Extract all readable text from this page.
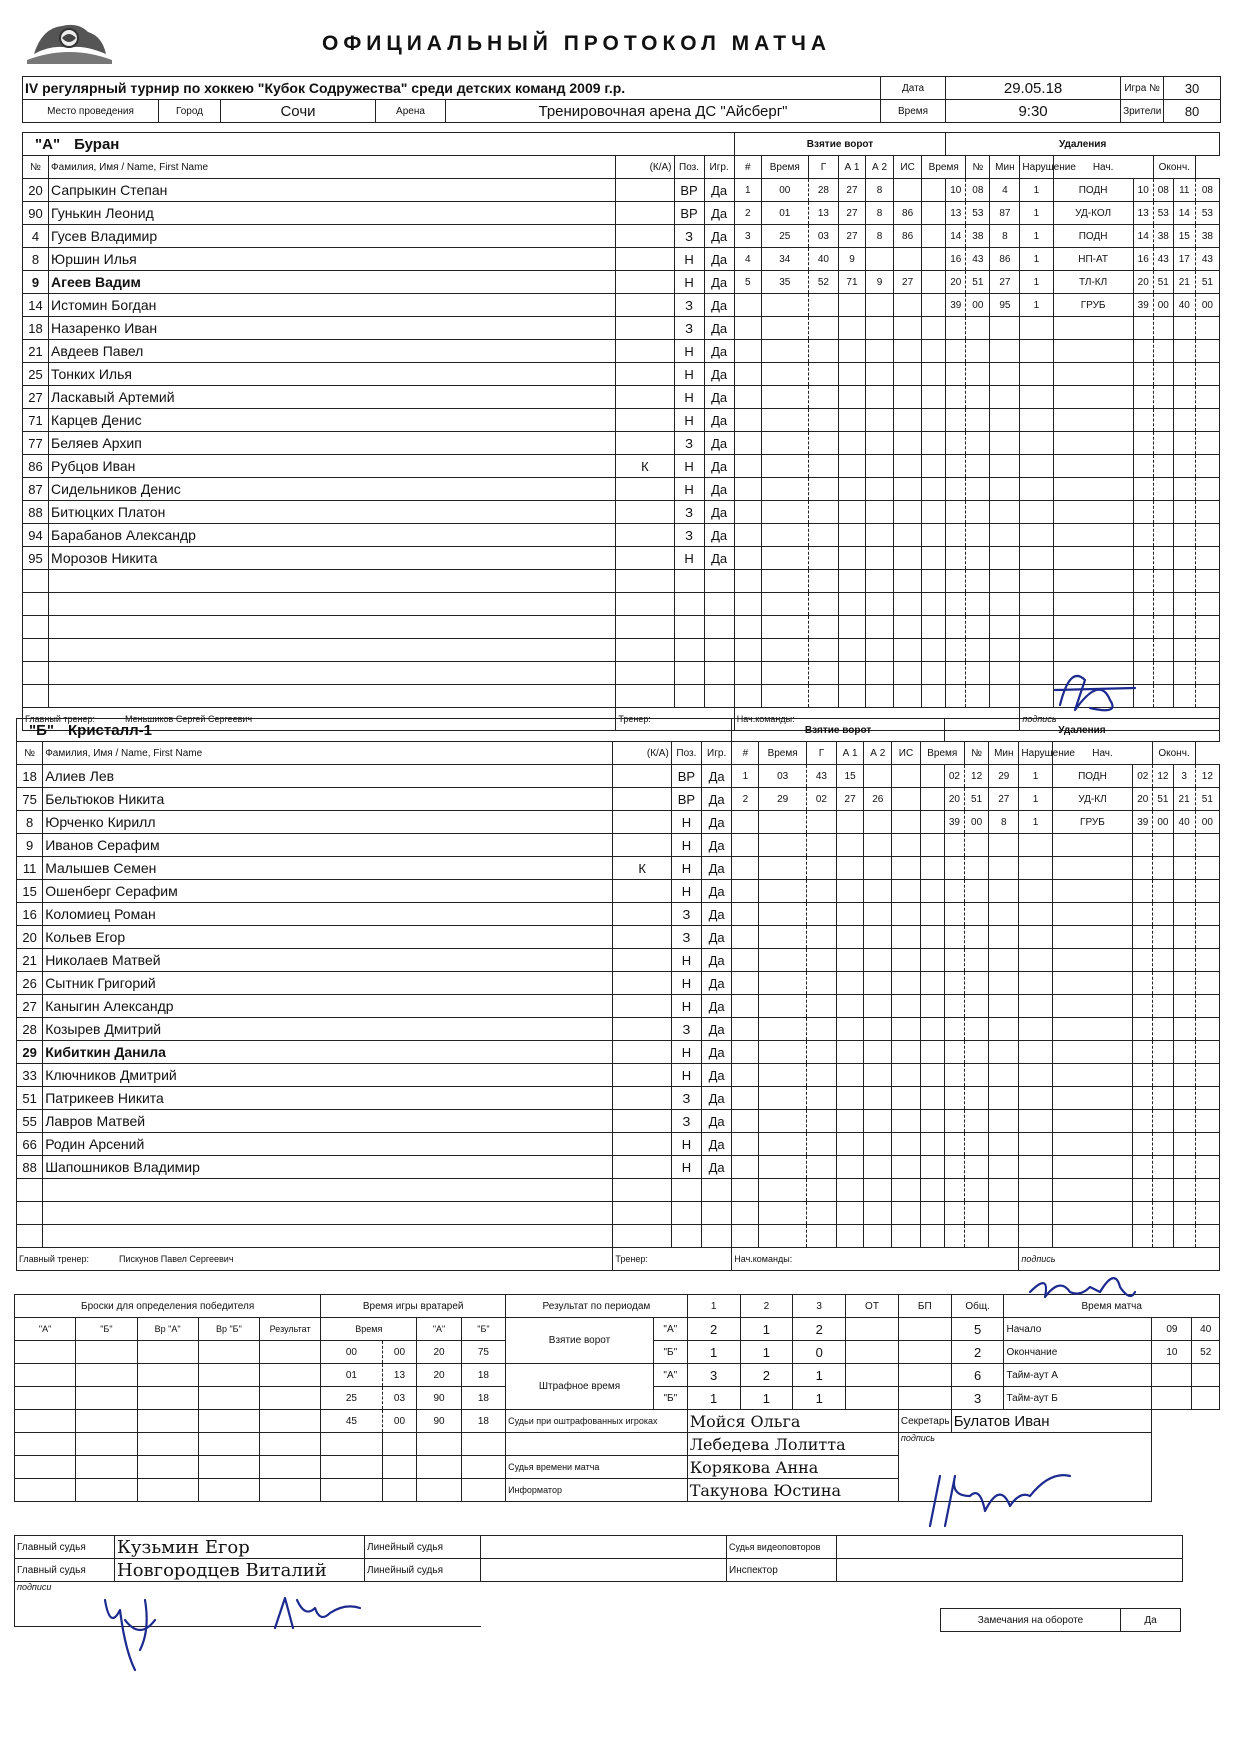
ОФИЦИАЛЬНЫЙ ПРОТОКОЛ МАТЧА
IV регулярный турнир по хоккею "Кубок Содружества" среди детских команд 2009 г.р.					Дата	29.05.18	Игра №	30
Место проведения	Город	Сочи	Арена	Тренировочная арена ДС "Айсберг"	Время	9:30	Зрители	80
"А" Буран					Взятие ворот							Удаления								
№	Фамилия, Имя / Name, First Name	(К/А)	Поз.	Игр.	#	Время	Г	А 1	А 2	ИС	Время		№	Мин	Нарушение	Нач.		Оконч.		
20	Сапрыкин Степан		ВР	Да	1	00	28	27	8			10	08	4	1	ПОДН	10	08	11	08
90	Гунькин Леонид		ВР	Да	2	01	13	27	8	86		13	53	87	1	УД-КОЛ	13	53	14	53
4	Гусев Владимир		З	Да	3	25	03	27	8	86		14	38	8	1	ПОДН	14	38	15	38
8	Юршин Илья		Н	Да	4	34	40	9				16	43	86	1	НП-АТ	16	43	17	43
9	Агеев Вадим		Н	Да	5	35	52	71	9	27		20	51	27	1	ТЛ-КЛ	20	51	21	51
14	Истомин Богдан		З	Да								39	00	95	1	ГРУБ	39	00	40	00
18	Назаренко Иван		З	Да																
21	Авдеев Павел		Н	Да																
25	Тонких Илья		Н	Да																
27	Ласкавый Артемий		Н	Да																
71	Карцев Денис		Н	Да																
77	Беляев Архип		З	Да																
86	Рубцов Иван	К	Н	Да																
87	Сидельников Денис		Н	Да																
88	Битюцких Платон		З	Да																
94	Барабанов Александр		З	Да																
95	Морозов Никита		Н	Да																

Главный тренер: Меньшиков Сергей Сергеевич		Тренер:			Нач.команды:										подпись					
"Б" Кристалл-1					Взятие ворот							Удаления								
№	Фамилия, Имя / Name, First Name	(К/А)	Поз.	Игр.	#	Время	Г	А 1	А 2	ИС	Время		№	Мин	Нарушение	Нач.		Оконч.		
18	Алиев Лев		ВР	Да	1	03	43	15				02	12	29	1	ПОДН	02	12	3	12
75	Бельтюков Никита		ВР	Да	2	29	02	27	26			20	51	27	1	УД-КЛ	20	51	21	51
8	Юрченко Кирилл		Н	Да								39	00	8	1	ГРУБ	39	00	40	00
9	Иванов Серафим		Н	Да																
11	Малышев Семен	К	Н	Да																
15	Ошенберг Серафим		Н	Да																
16	Коломиец Роман		З	Да																
20	Кольев Егор		З	Да																
21	Николаев Матвей		Н	Да																
26	Сытник Григорий		Н	Да																
27	Каныгин Александр		Н	Да																
28	Козырев Дмитрий		З	Да																
29	Кибиткин Данила		Н	Да																
33	Ключников Дмитрий		Н	Да																
51	Патрикеев Никита		З	Да																
55	Лавров Матвей		З	Да																
66	Родин Арсений		Н	Да																
88	Шапошников Владимир		Н	Да																

Главный тренер: Пискунов Павел Сергеевич		Тренер:			Нач.команды:										подпись					
Броски для определения победителя					Время игры вратарей				Результат по периодам		1	2	3	ОТ	БП	Общ.	Время матча		
"А"	"Б"	Вр "А"	Вр "Б"	Результат	Время		"А"	"Б"	Взятие ворот	"А"	2	1	2			5	Начало	09	40
					00	00	20	75		"Б"	1	1	0			2	Окончание	10	52
					01	13	20	18	Штрафное время	"А"	3	2	1			6	Тайм-аут А		
					25	03	90	18		"Б"	1	1	1			3	Тайм-аут Б		
					45	00	90	18	Судьи при оштрафованных игроках		Мойся Ольга				Секретарь	Булатов Иван			
											Лебедева Лолитта				подпись				
									Судья времени матча		Корякова Анна								
									Информатор		Такунова Юстина								
Главный судья	Кузьмин Егор	Линейный судья		Судья видеоповторов	
Главный судья	Новгородцев Виталий	Линейный судья		Инспектор	
подписи					
Замечания на обороте	Да
